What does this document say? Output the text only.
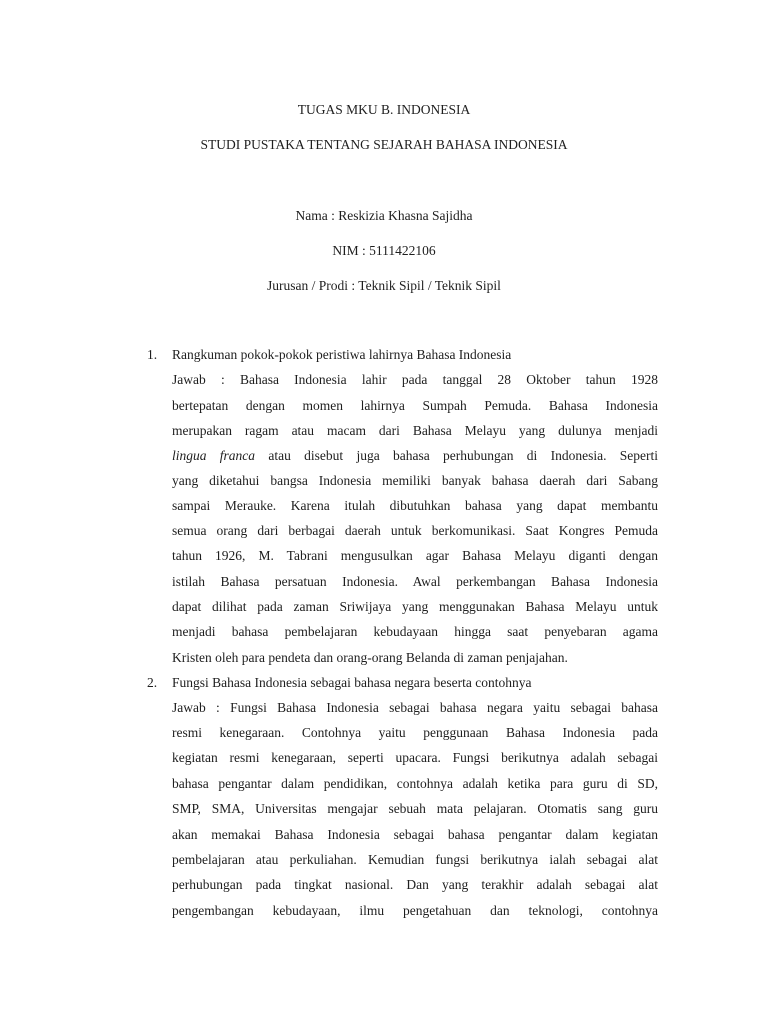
TUGAS MKU B. INDONESIA
STUDI PUSTAKA TENTANG SEJARAH BAHASA INDONESIA
Nama : Reskizia Khasna Sajidha
NIM : 5111422106
Jurusan / Prodi : Teknik Sipil / Teknik Sipil
1. Rangkuman pokok-pokok peristiwa lahirnya Bahasa Indonesia
Jawab : Bahasa Indonesia lahir pada tanggal 28 Oktober tahun 1928
bertepatan dengan momen lahirnya Sumpah Pemuda. Bahasa Indonesia
merupakan ragam atau macam dari Bahasa Melayu yang dulunya menjadi
lingua franca atau disebut juga bahasa perhubungan di Indonesia. Seperti
yang diketahui bangsa Indonesia memiliki banyak bahasa daerah dari Sabang
sampai Merauke. Karena itulah dibutuhkan bahasa yang dapat membantu
semua orang dari berbagai daerah untuk berkomunikasi. Saat Kongres Pemuda
tahun 1926, M. Tabrani mengusulkan agar Bahasa Melayu diganti dengan
istilah Bahasa persatuan Indonesia. Awal perkembangan Bahasa Indonesia
dapat dilihat pada zaman Sriwijaya yang menggunakan Bahasa Melayu untuk
menjadi bahasa pembelajaran kebudayaan hingga saat penyebaran agama
Kristen oleh para pendeta dan orang-orang Belanda di zaman penjajahan.
2. Fungsi Bahasa Indonesia sebagai bahasa negara beserta contohnya
Jawab : Fungsi Bahasa Indonesia sebagai bahasa negara yaitu sebagai bahasa
resmi kenegaraan. Contohnya yaitu penggunaan Bahasa Indonesia pada
kegiatan resmi kenegaraan, seperti upacara. Fungsi berikutnya adalah sebagai
bahasa pengantar dalam pendidikan, contohnya adalah ketika para guru di SD,
SMP, SMA, Universitas mengajar sebuah mata pelajaran. Otomatis sang guru
akan memakai Bahasa Indonesia sebagai bahasa pengantar dalam kegiatan
pembelajaran atau perkuliahan. Kemudian fungsi berikutnya ialah sebagai alat
perhubungan pada tingkat nasional. Dan yang terakhir adalah sebagai alat
pengembangan kebudayaan, ilmu pengetahuan dan teknologi, contohnya
